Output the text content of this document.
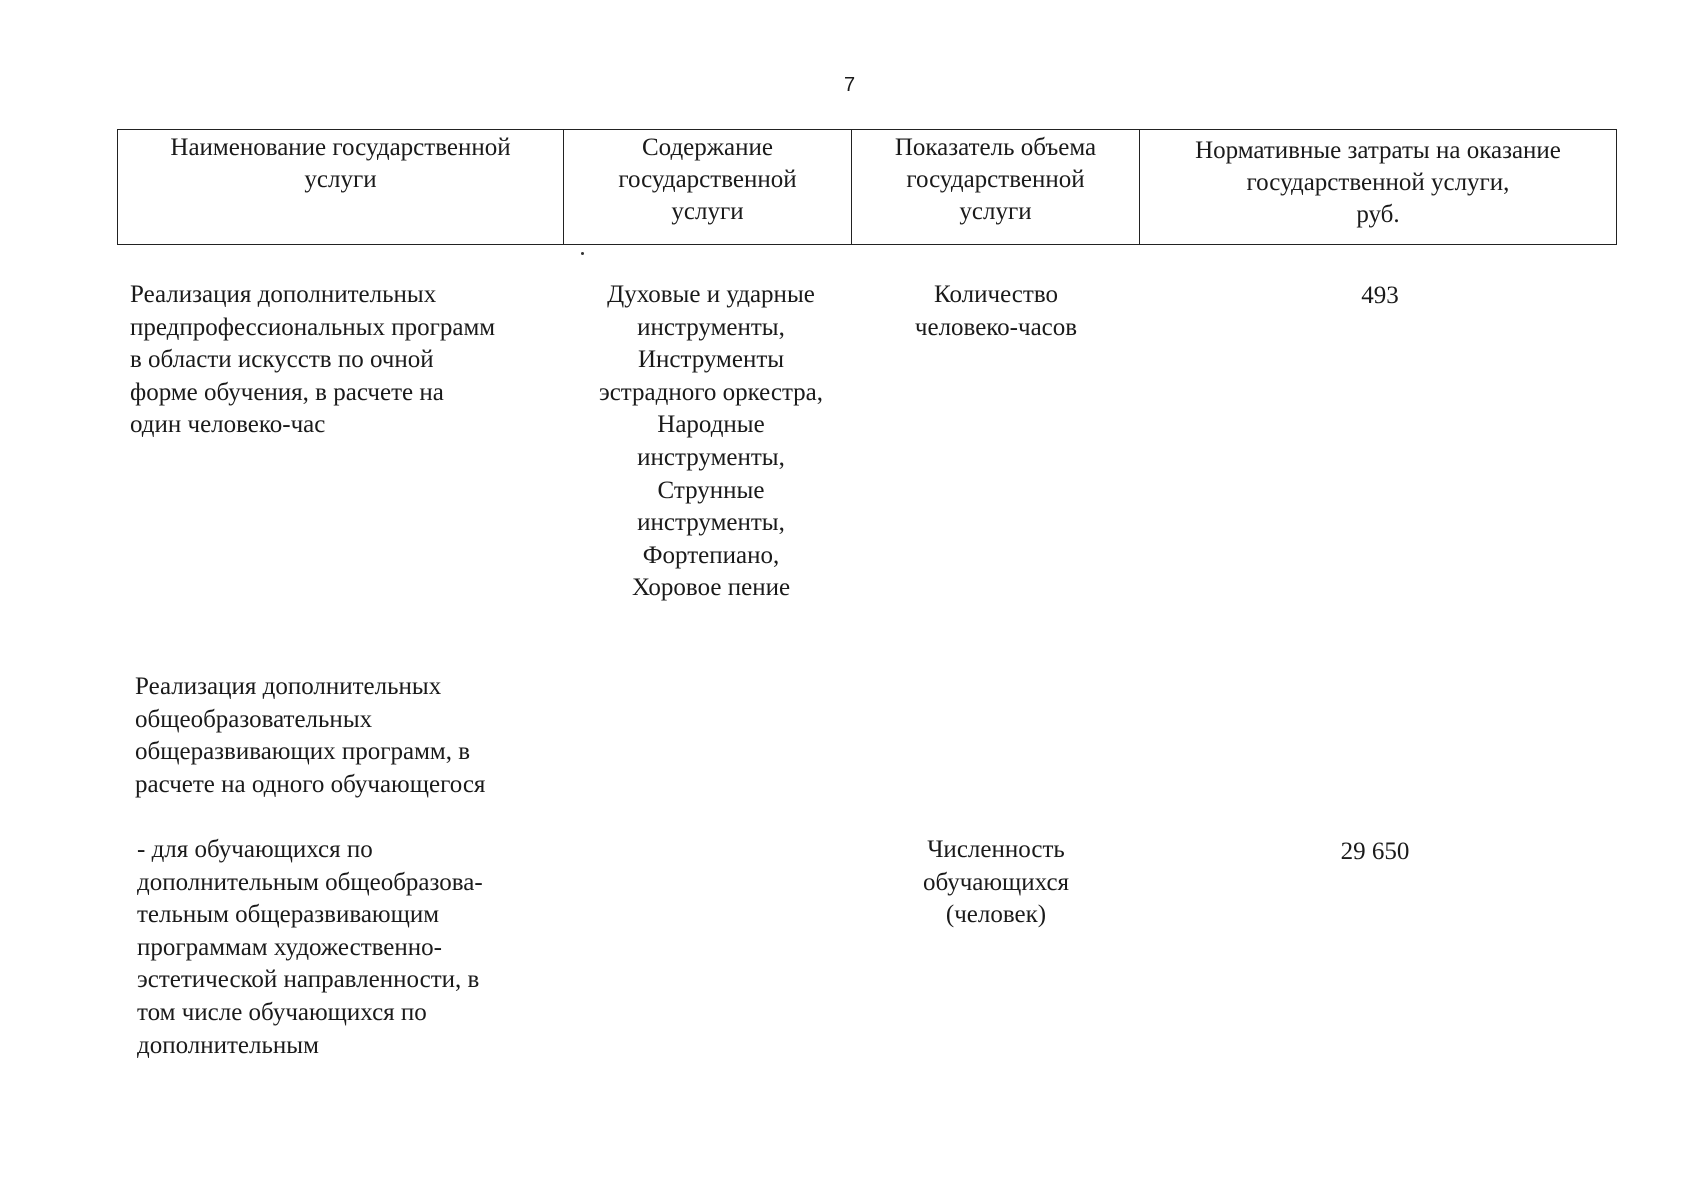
7
Наименование государственной
услуги
Содержание
государственной
услуги
Показатель объема
государственной
услуги
Нормативные затраты на оказание
государственной услуги,
руб.
Реализация дополнительных
предпрофессиональных программ
в области искусств по очной
форме обучения, в расчете на
один человеко-час
Духовые и ударные
инструменты,
Инструменты
эстрадного оркестра,
Народные
инструменты,
Струнные
инструменты,
Фортепиано,
Хоровое пение
Количество
человеко-часов
493
Реализация дополнительных
общеобразовательных
общеразвивающих программ, в
расчете на одного обучающегося
- для обучающихся по
дополнительным общеобразова-
тельным общеразвивающим
программам художественно-
эстетической направленности, в
том числе обучающихся по
дополнительным
Численность
обучающихся
(человек)
29 650
